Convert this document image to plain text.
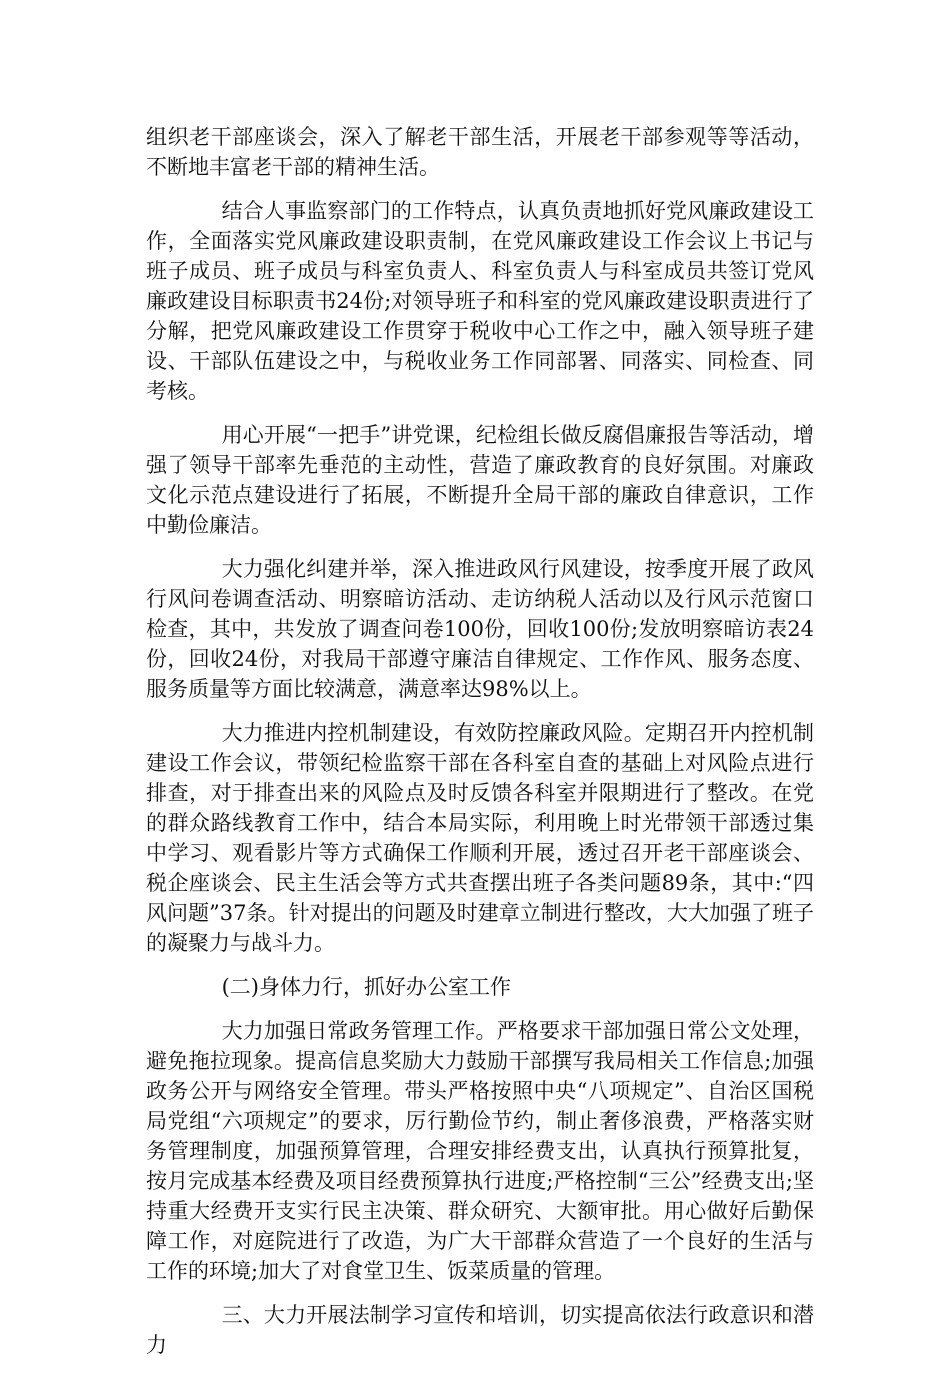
组织老干部座谈会，深入了解老干部生活，开展老干部参观等等活动，不断地丰富老干部的精神生活。

结合人事监察部门的工作特点，认真负责地抓好党风廉政建设工作，全面落实党风廉政建设职责制，在党风廉政建设工作会议上书记与班子成员、班子成员与科室负责人、科室负责人与科室成员共签订党风廉政建设目标职责书24份;对领导班子和科室的党风廉政建设职责进行了分解，把党风廉政建设工作贯穿于税收中心工作之中，融入领导班子建设、干部队伍建设之中，与税收业务工作同部署、同落实、同检查、同考核。

用心开展“一把手”讲党课，纪检组长做反腐倡廉报告等活动，增强了领导干部率先垂范的主动性，营造了廉政教育的良好氛围。对廉政文化示范点建设进行了拓展，不断提升全局干部的廉政自律意识，工作中勤俭廉洁。

大力强化纠建并举，深入推进政风行风建设，按季度开展了政风行风问卷调查活动、明察暗访活动、走访纳税人活动以及行风示范窗口检查，其中，共发放了调查问卷100份，回收100份;发放明察暗访表24份，回收24份，对我局干部遵守廉洁自律规定、工作作风、服务态度、服务质量等方面比较满意，满意率达98%以上。

大力推进内控机制建设，有效防控廉政风险。定期召开内控机制建设工作会议，带领纪检监察干部在各科室自查的基础上对风险点进行排查，对于排查出来的风险点及时反馈各科室并限期进行了整改。在党的群众路线教育工作中，结合本局实际，利用晚上时光带领干部透过集中学习、观看影片等方式确保工作顺利开展，透过召开老干部座谈会、税企座谈会、民主生活会等方式共查摆出班子各类问题89条，其中:“四风问题”37条。针对提出的问题及时建章立制进行整改，大大加强了班子的凝聚力与战斗力。

(二)身体力行，抓好办公室工作

大力加强日常政务管理工作。严格要求干部加强日常公文处理，避免拖拉现象。提高信息奖励大力鼓励干部撰写我局相关工作信息;加强政务公开与网络安全管理。带头严格按照中央“八项规定”、自治区国税局党组“六项规定”的要求，厉行勤俭节约，制止奢侈浪费，严格落实财务管理制度，加强预算管理，合理安排经费支出，认真执行预算批复，按月完成基本经费及项目经费预算执行进度;严格控制“三公”经费支出;坚持重大经费开支实行民主决策、群众研究、大额审批。用心做好后勤保障工作，对庭院进行了改造，为广大干部群众营造了一个良好的生活与工作的环境;加大了对食堂卫生、饭菜质量的管理。

三、大力开展法制学习宣传和培训，切实提高依法行政意识和潜力
